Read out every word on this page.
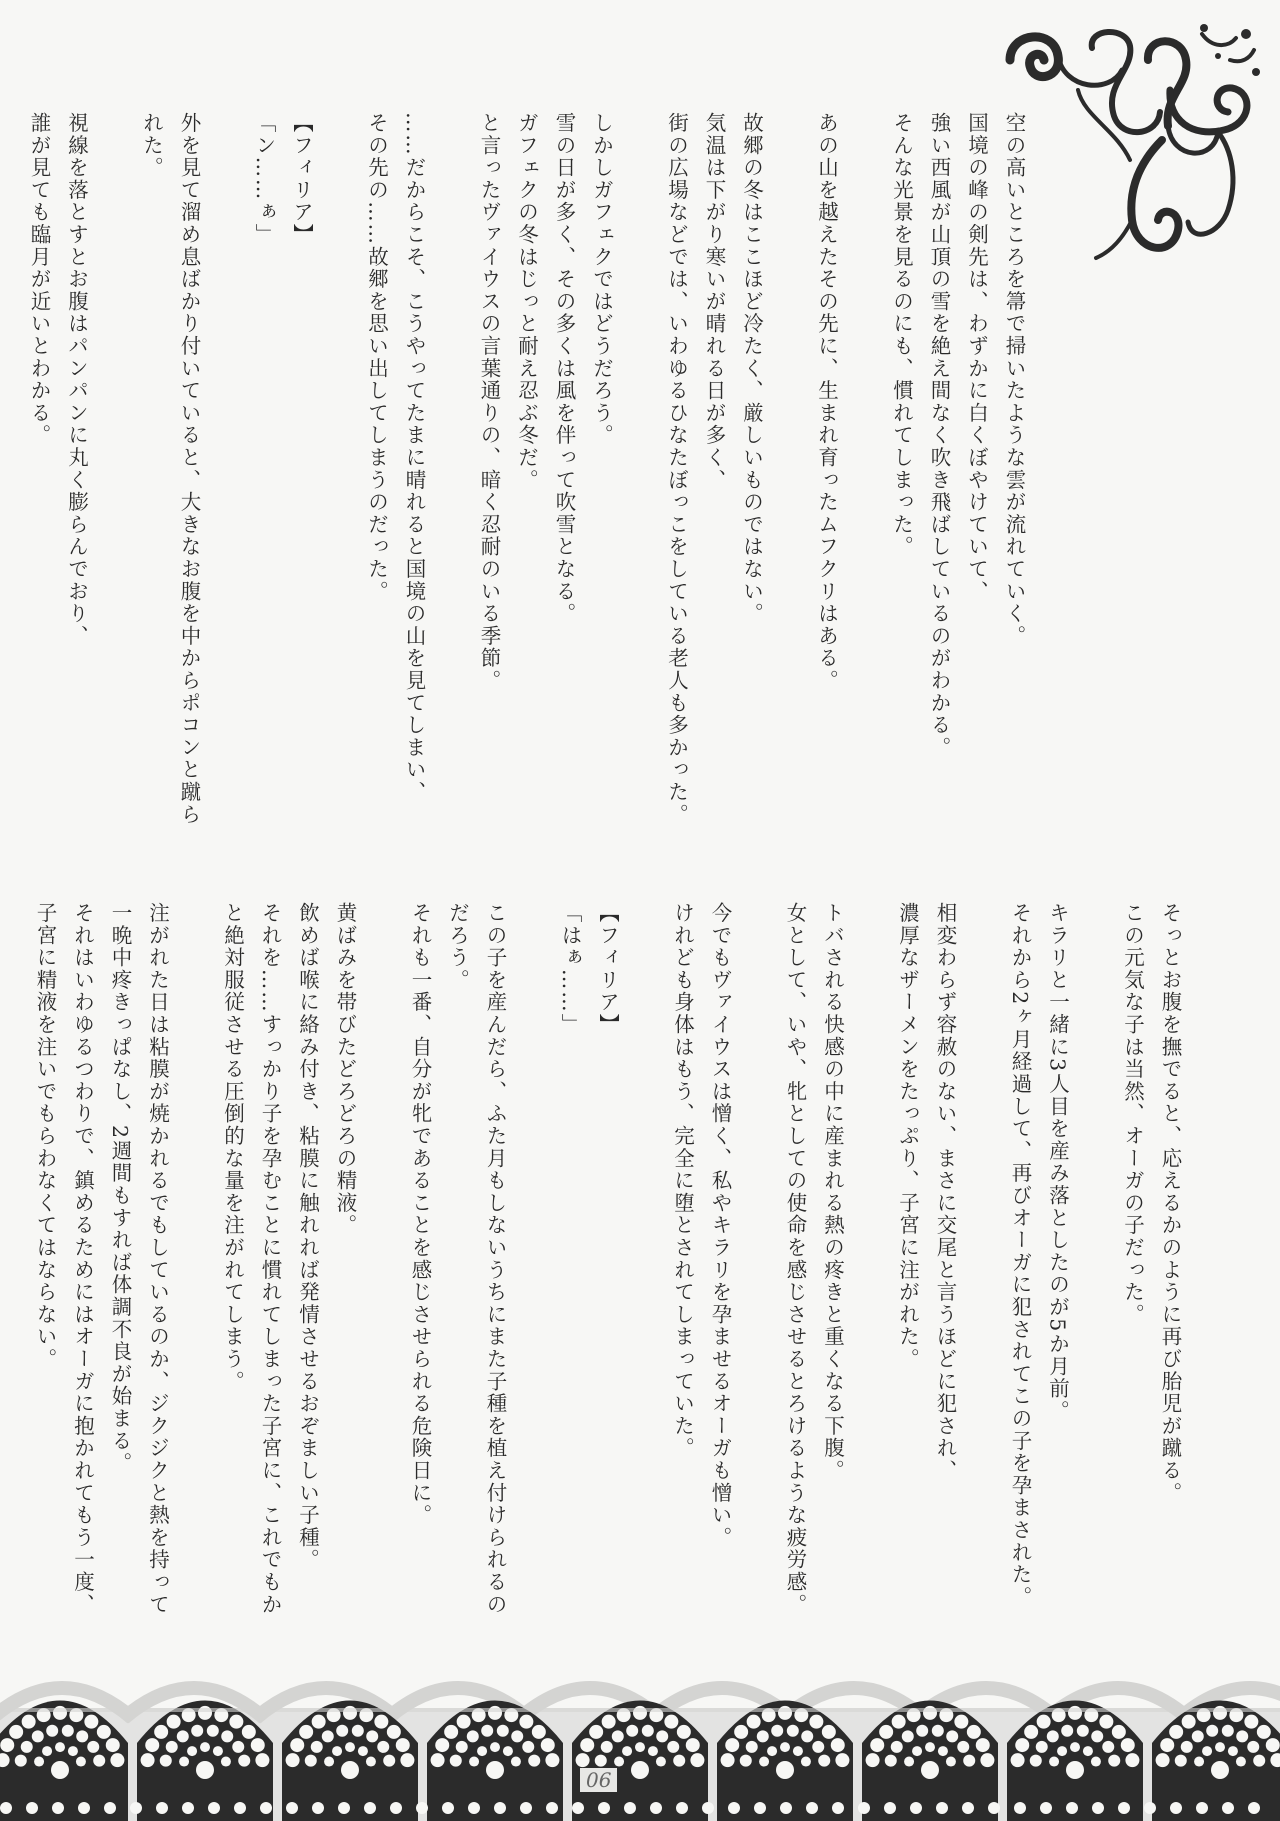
空の高いところを箒で掃いたような雲が流れていく。
国境の峰の剣先は、わずかに白くぼやけていて、
強い西風が山頂の雪を絶え間なく吹き飛ばしているのがわかる。
そんな光景を見るのにも、慣れてしまった。

あの山を越えたその先に、生まれ育ったムフクリはある。

故郷の冬はここほど冷たく、厳しいものではない。
気温は下がり寒いが晴れる日が多く、
街の広場などでは、いわゆるひなたぼっこをしている老人も多かった。

しかしガフェクではどうだろう。
雪の日が多く、その多くは風を伴って吹雪となる。
ガフェクの冬はじっと耐え忍ぶ冬だ。
と言ったヴァイウスの言葉通りの、暗く忍耐のいる季節。

……だからこそ、こうやってたまに晴れると国境の山を見てしまい、
その先の……故郷を思い出してしまうのだった。

【フィリア】
「ン……ぁ」

外を見て溜め息ばかり付いていると、大きなお腹を中からポコンと蹴ら
れた。

視線を落とすとお腹はパンパンに丸く膨らんでおり、
誰が見ても臨月が近いとわかる。
そっとお腹を撫でると、応えるかのように再び胎児が蹴る。
この元気な子は当然、オーガの子だった。

キラリと一緒に3人目を産み落としたのが5か月前。
それから2ヶ月経過して、再びオーガに犯されてこの子を孕まされた。

相変わらず容赦のない、まさに交尾と言うほどに犯され、
濃厚なザーメンをたっぷり、子宮に注がれた。

トバされる快感の中に産まれる熱の疼きと重くなる下腹。
女として、いや、牝としての使命を感じさせるとろけるような疲労感。

今でもヴァイウスは憎く、私やキラリを孕ませるオーガも憎い。
けれども身体はもう、完全に堕とされてしまっていた。

【フィリア】
「はぁ……」

この子を産んだら、ふた月もしないうちにまた子種を植え付けられるの
だろう。
それも一番、自分が牝であることを感じさせられる危険日に。

黄ばみを帯びたどろどろの精液。
飲めば喉に絡み付き、粘膜に触れれば発情させるおぞましい子種。
それを……すっかり子を孕むことに慣れてしまった子宮に、これでもか
と絶対服従させる圧倒的な量を注がれてしまう。

注がれた日は粘膜が焼かれるでもしているのか、ジクジクと熱を持って
一晩中疼きっぱなし、2週間もすれば体調不良が始まる。
それはいわゆるつわりで、鎮めるためにはオーガに抱かれてもう一度、
子宮に精液を注いでもらわなくてはならない。
06
